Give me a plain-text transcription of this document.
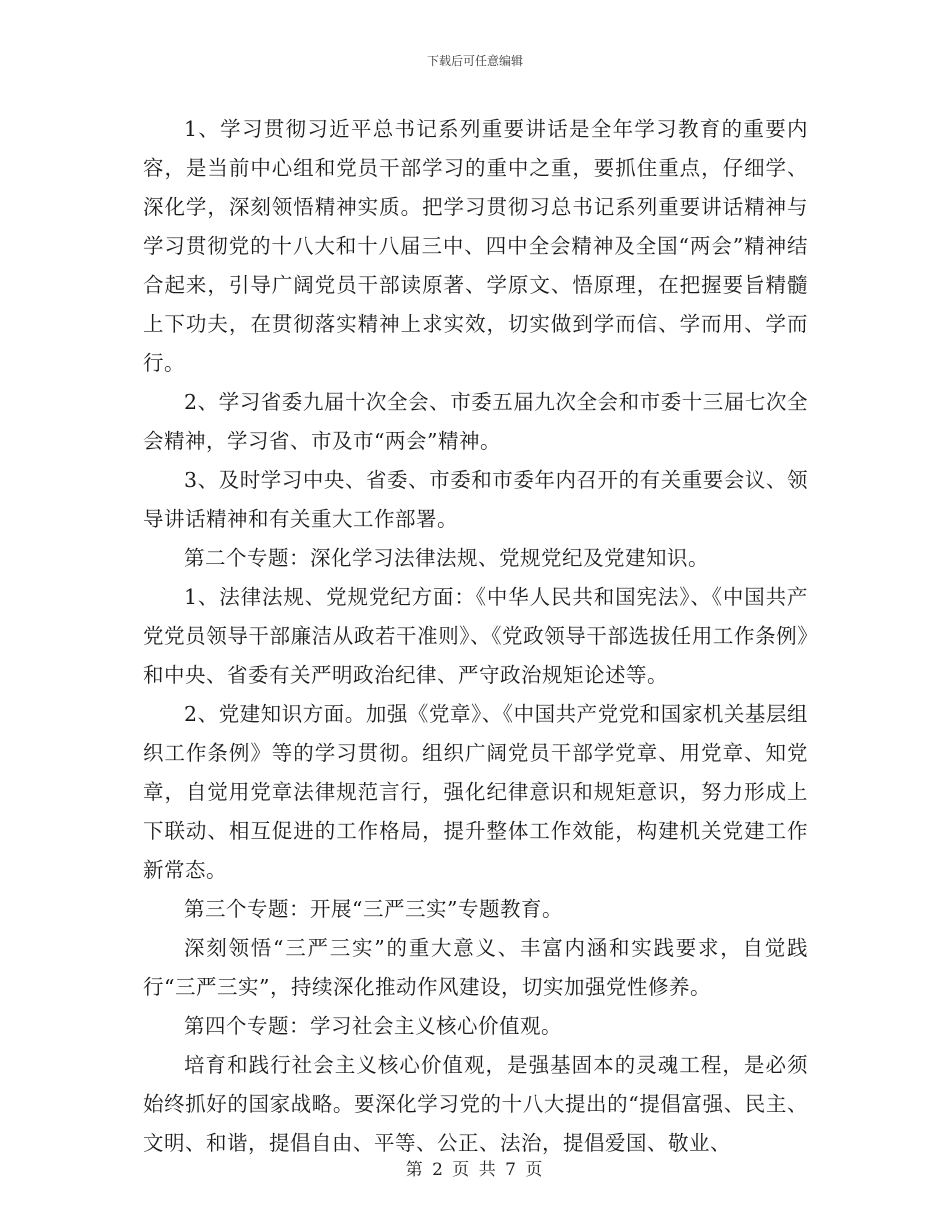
下载后可任意编辑

1、学习贯彻习近平总书记系列重要讲话是全年学习教育的重要内容，是当前中心组和党员干部学习的重中之重，要抓住重点，仔细学、深化学，深刻领悟精神实质。把学习贯彻习总书记系列重要讲话精神与学习贯彻党的十八大和十八届三中、四中全会精神及全国“两会”精神结合起来，引导广阔党员干部读原著、学原文、悟原理，在把握要旨精髓上下功夫，在贯彻落实精神上求实效，切实做到学而信、学而用、学而行。

2、学习省委九届十次全会、市委五届九次全会和市委十三届七次全会精神，学习省、市及市“两会”精神。

3、及时学习中央、省委、市委和市委年内召开的有关重要会议、领导讲话精神和有关重大工作部署。

第二个专题：深化学习法律法规、党规党纪及党建知识。

1、法律法规、党规党纪方面：《中华人民共和国宪法》、《中国共产党党员领导干部廉洁从政若干准则》、《党政领导干部选拔任用工作条例》和中央、省委有关严明政治纪律、严守政治规矩论述等。

2、党建知识方面。加强《党章》、《中国共产党党和国家机关基层组织工作条例》等的学习贯彻。组织广阔党员干部学党章、用党章、知党章，自觉用党章法律规范言行，强化纪律意识和规矩意识，努力形成上下联动、相互促进的工作格局，提升整体工作效能，构建机关党建工作新常态。

第三个专题：开展“三严三实”专题教育。

深刻领悟“三严三实”的重大意义、丰富内涵和实践要求，自觉践行“三严三实”，持续深化推动作风建设，切实加强党性修养。

第四个专题：学习社会主义核心价值观。

培育和践行社会主义核心价值观，是强基固本的灵魂工程，是必须始终抓好的国家战略。要深化学习党的十八大提出的“提倡富强、民主、文明、和谐，提倡自由、平等、公正、法治，提倡爱国、敬业、

第 2 页 共 7 页
